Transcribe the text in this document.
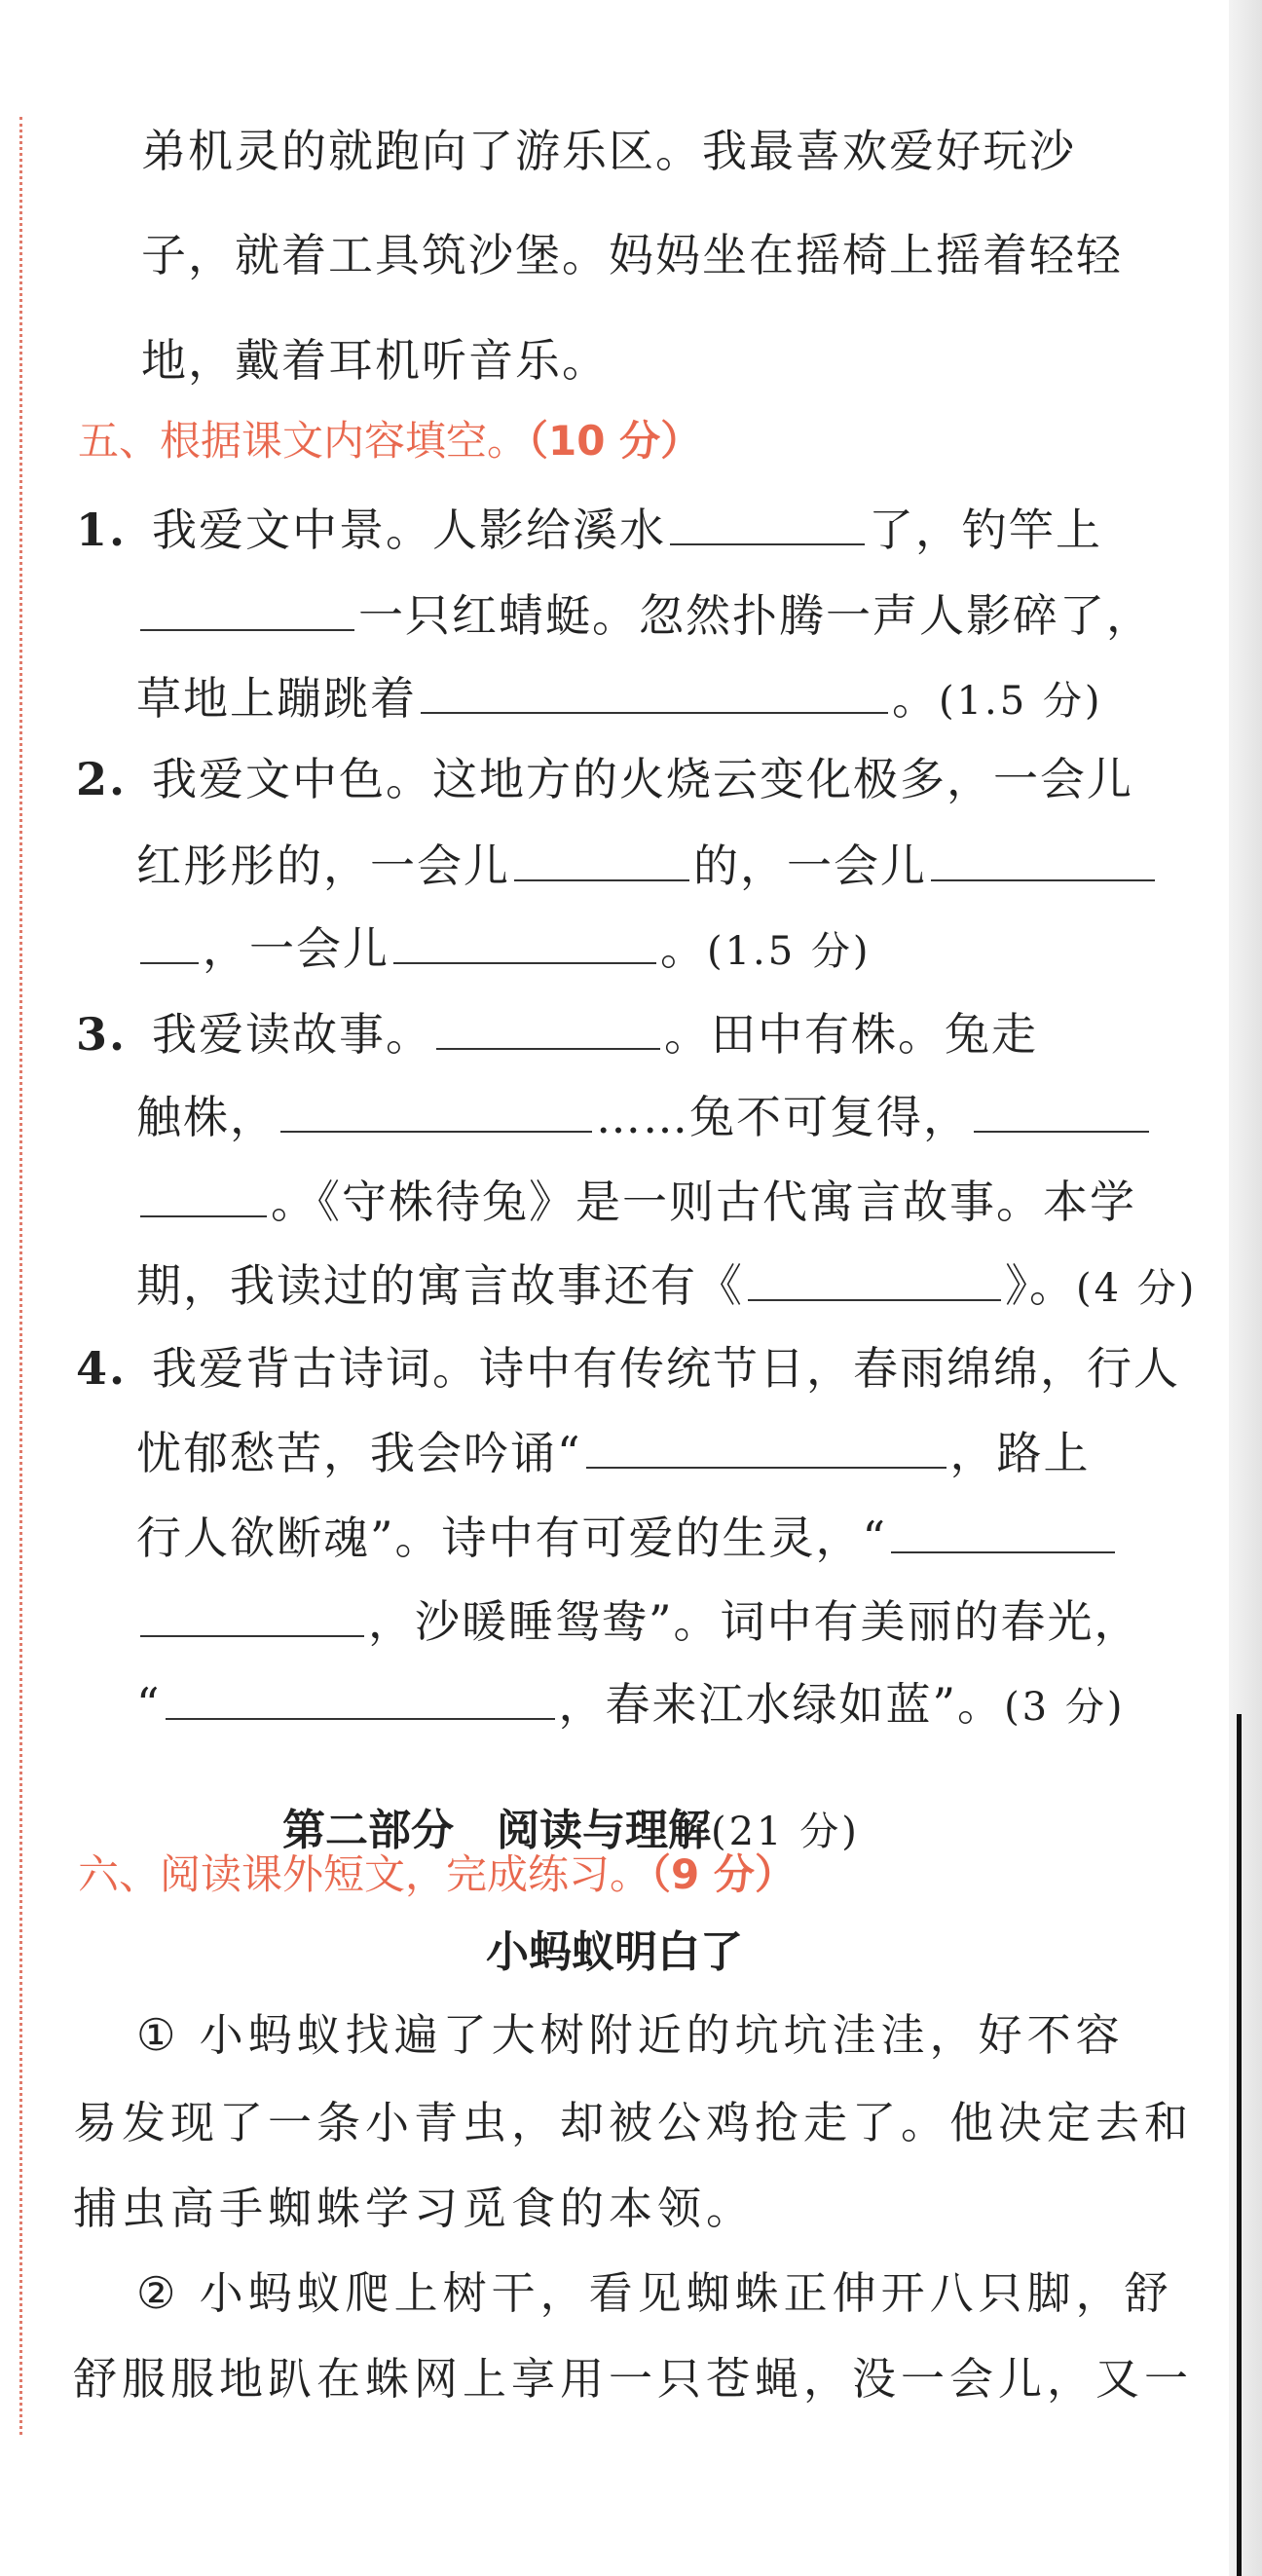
弟机灵的就跑向了游乐区。我最喜欢爱好玩沙
子，就着工具筑沙堡。妈妈坐在摇椅上摇着轻轻
地，戴着耳机听音乐。
五、根据课文内容填空。（10 分）
1. 我爱文中景。人影给溪水	了，钓竿上
一只红蜻蜓。忽然扑腾一声人影碎了，
草地上蹦跳着	。(1.5 分)
2. 我爱文中色。这地方的火烧云变化极多，一会儿
红彤彤的，一会儿	的，一会儿
，一会儿	。(1.5 分)
3. 我爱读故事。	。田中有株。兔走
触株，	……兔不可复得，
。《守株待兔》是一则古代寓言故事。本学
期，我读过的寓言故事还有《	》。(4 分)
4. 我爱背古诗词。诗中有传统节日，春雨绵绵，行人
忧郁愁苦，我会吟诵“	，路上
行人欲断魂”。诗中有可爱的生灵，“
，沙暖睡鸳鸯”。词中有美丽的春光，
“	，春来江水绿如蓝”。(3 分)
第二部分　阅读与理解(21 分)
六、阅读课外短文，完成练习。（9 分）
小蚂蚁明白了
① 小蚂蚁找遍了大树附近的坑坑洼洼，好不容
易发现了一条小青虫，却被公鸡抢走了。他决定去和
捕虫高手蜘蛛学习觅食的本领。
② 小蚂蚁爬上树干，看见蜘蛛正伸开八只脚，舒
舒服服地趴在蛛网上享用一只苍蝇，没一会儿，又一
